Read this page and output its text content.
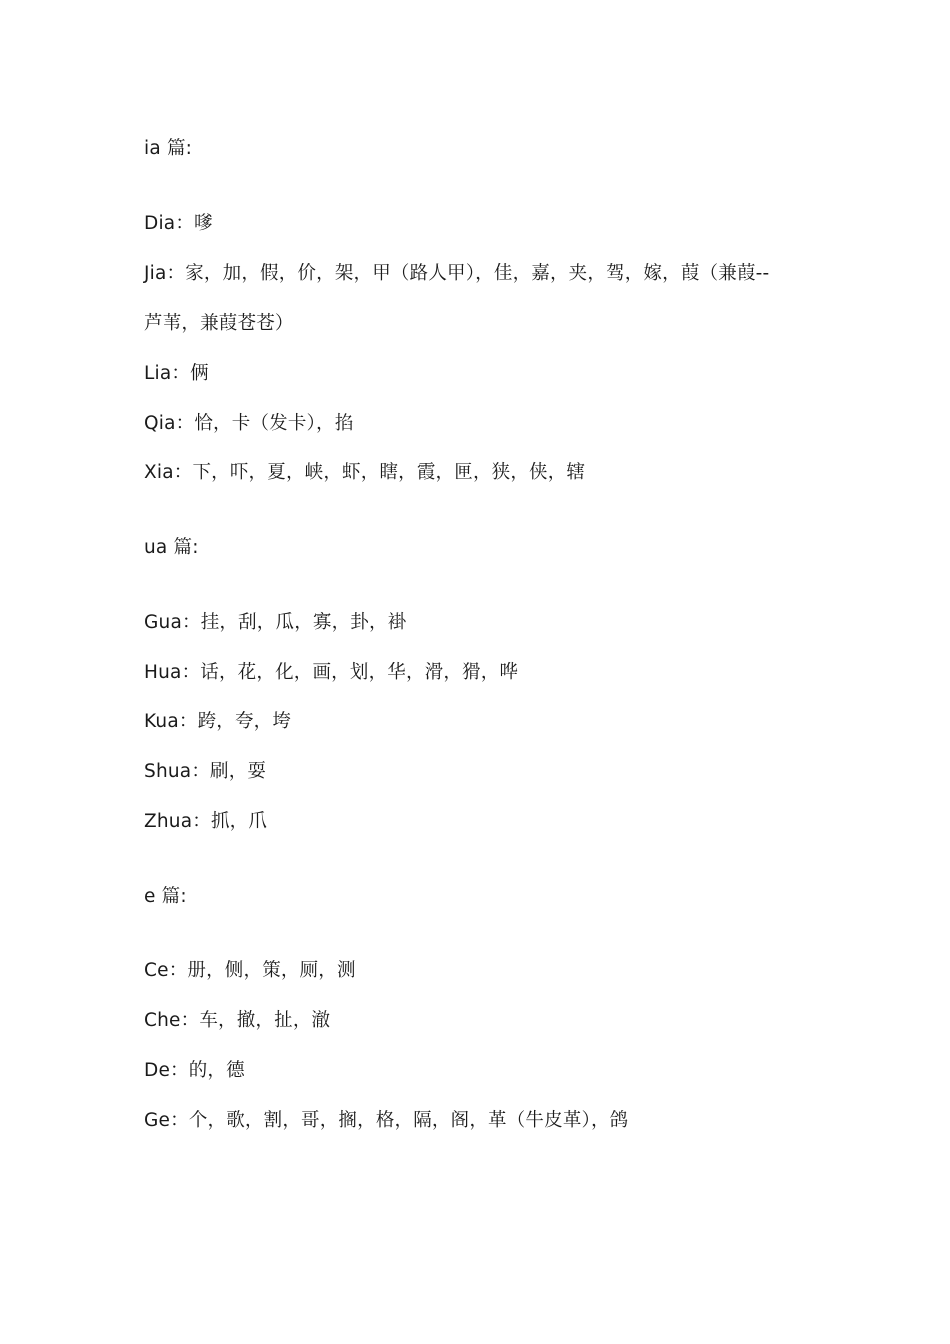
ia 篇:
Dia：嗲
Jia：家，加，假，价，架，甲（路人甲），佳，嘉，夹，驾，嫁，葭（兼葭--
芦苇，兼葭苍苍）
Lia：俩
Qia：恰，卡（发卡），掐
Xia：下，吓，夏，峡，虾，瞎，霞，匣，狭，侠，辖
ua 篇:
Gua：挂，刮，瓜，寡，卦，褂
Hua：话，花，化，画，划，华，滑，猾，哗
Kua：跨，夸，垮
Shua：刷，耍
Zhua：抓，爪
e 篇:
Ce：册，侧，策，厕，测
Che：车，撤，扯，澈
De：的，德
Ge：个，歌，割，哥，搁，格，隔，阁，革（牛皮革），鸽
